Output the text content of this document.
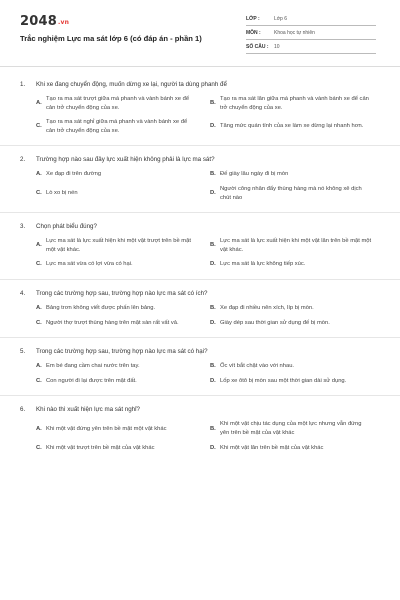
2048.vn
Trắc nghiệm Lực ma sát lớp 6 (có đáp án - phần 1)
LỚP :	Lớp 6
MÔN :	Khoa học tự nhiên
SỐ CÂU :	10
1.	Khi xe đang chuyển động, muốn dừng xe lại, người ta dùng phanh để
A.
Tạo ra ma sát trượt giữa má phanh và vành bánh xe để cản trở chuyển động của xe.
B.
Tạo ra ma sát lăn giữa má phanh và vành bánh xe để cản trở chuyển động của xe.
C.
Tạo ra ma sát nghỉ giữa má phanh và vành bánh xe để cản trở chuyển động của xe.
D. Tăng mức quán tính của xe làm xe dừng lại nhanh hơn.
2.	Trường hợp nào sau đây lực xuất hiện không phải là lực ma sát?
A. Xe đạp đi trên đường	B. Đế giày lâu ngày đi bị mòn
C. Lò xo bị nén	D.
Người công nhân đẩy thùng hàng mà nó không xê dịch chút nào
3.	Chọn phát biểu đúng?
A.
Lực ma sát là lực xuất hiện khi một vật trượt trên bề mặt một vật khác.
B.
Lực ma sát là lực xuất hiện khi một vật lăn trên bề mặt một vật khác.
C. Lực ma sát vừa có lợi vừa có hại.	D. Lực ma sát là lực không tiếp xúc.
4.	Trong các trường hợp sau, trường hợp nào lực ma sát có ích?
A. Bảng trơn không viết được phấn lên bảng.	B. Xe đạp đi nhiều nên xích, líp bị mòn.
C. Người thợ trượt thùng hàng trên mặt sàn rất vất vả.	D. Giày dép sau thời gian sử dụng đế bị mòn.
5.	Trong các trường hợp sau, trường hợp nào lực ma sát có hại?
A. Em bé đang cầm chai nước trên tay.	B. Ốc vít bắt chặt vào với nhau.
C. Con người đi lại được trên mặt đất.	D. Lốp xe ôtô bị mòn sau một thời gian dài sử dụng.
6.	Khi nào thì xuất hiện lực ma sát nghỉ?
A. Khi một vật đứng yên trên bề mặt một vật khác	B.
Khi một vật chịu tác dụng của một lực nhưng vẫn đứng yên trên bề mặt của vật khác
C. Khi một vật trượt trên bề mặt của vật khác	D. Khi một vật lăn trên bề mặt của vật khác
